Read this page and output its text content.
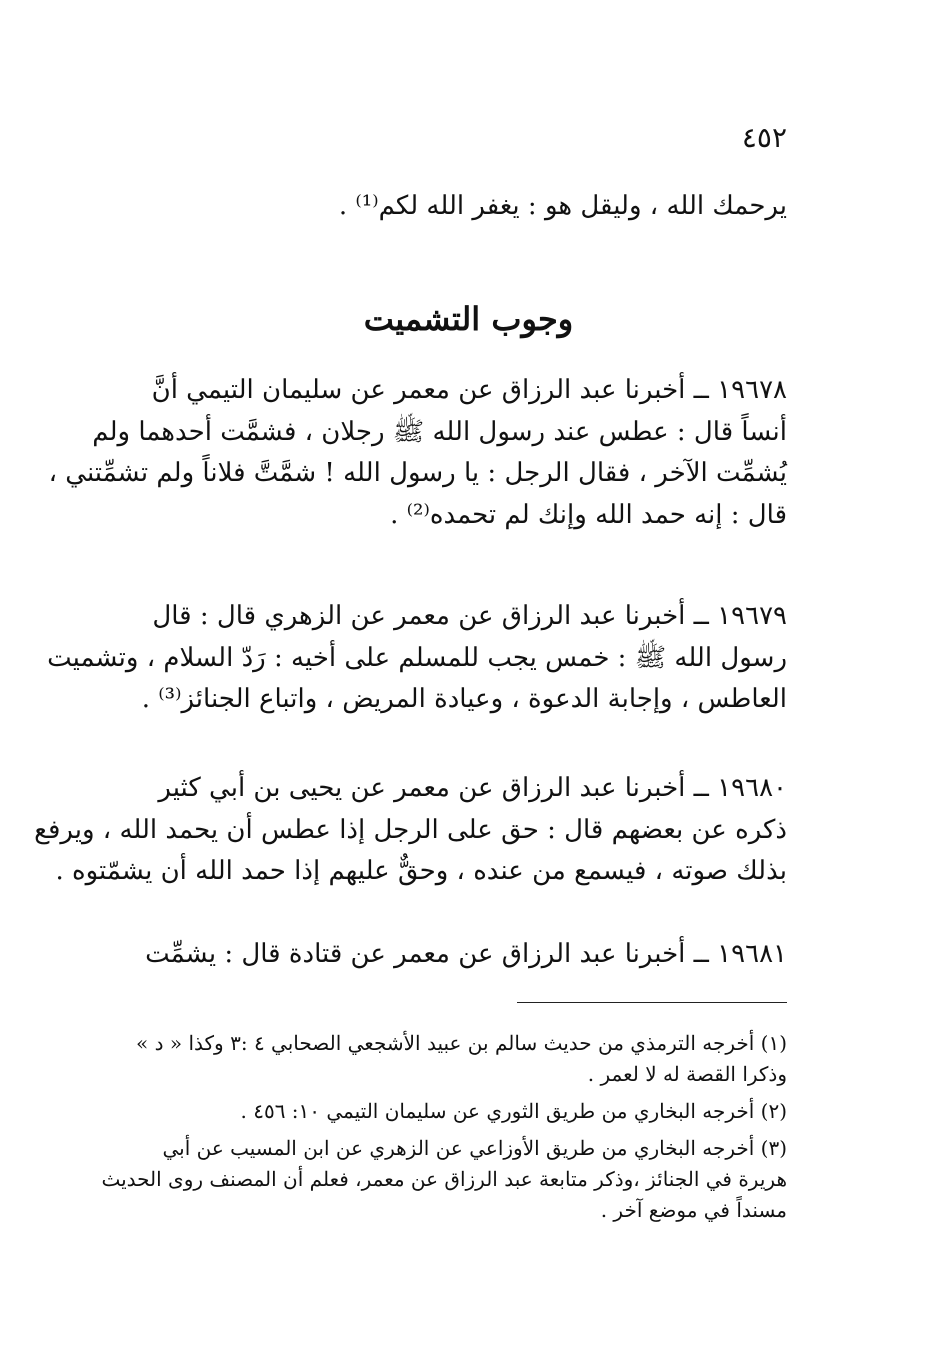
٤٥٢
يرحمك الله ، وليقل هو : يغفر الله لكم⁽¹⁾ .
وجوب التشميت
١٩٦٧٨ ــ أخبرنا عبد الرزاق عن معمر عن سليمان التيمي أنَّ
أنساً قال : عطس عند رسول الله ﷺ رجلان ، فشمَّت أحدهما ولم
يُشمِّت الآخر ، فقال الرجل : يا رسول الله ! شمَّتَّ فلاناً ولم تشمِّتني ،
قال : إنه حمد الله وإنك لم تحمده⁽²⁾ .
١٩٦٧٩ ــ أخبرنا عبد الرزاق عن معمر عن الزهري قال : قال
رسول الله ﷺ : خمس يجب للمسلم على أخيه : رَدّ السلام ، وتشميت
العاطس ، وإجابة الدعوة ، وعيادة المريض ، واتباع الجنائز⁽³⁾ .
١٩٦٨٠ ــ أخبرنا عبد الرزاق عن معمر عن يحيى بن أبي كثير
ذكره عن بعضهم قال : حق على الرجل إذا عطس أن يحمد الله ، ويرفع
بذلك صوته ، فيسمع من عنده ، وحقٌّ عليهم إذا حمد الله أن يشمّتوه .
١٩٦٨١ ــ أخبرنا عبد الرزاق عن معمر عن قتادة قال : يشمِّت
(١) أخرجه الترمذي من حديث سالم بن عبيد الأشجعي الصحابي ٤ :٣ وكذا « د »
وذكرا القصة له لا لعمر .
(٢) أخرجه البخاري من طريق الثوري عن سليمان التيمي ١٠: ٤٥٦ .
(٣) أخرجه البخاري من طريق الأوزاعي عن الزهري عن ابن المسيب عن أبي
هريرة في الجنائز ،وذكر متابعة عبد الرزاق عن معمر، فعلم أن المصنف روى الحديث
مسنداً في موضع آخر .
